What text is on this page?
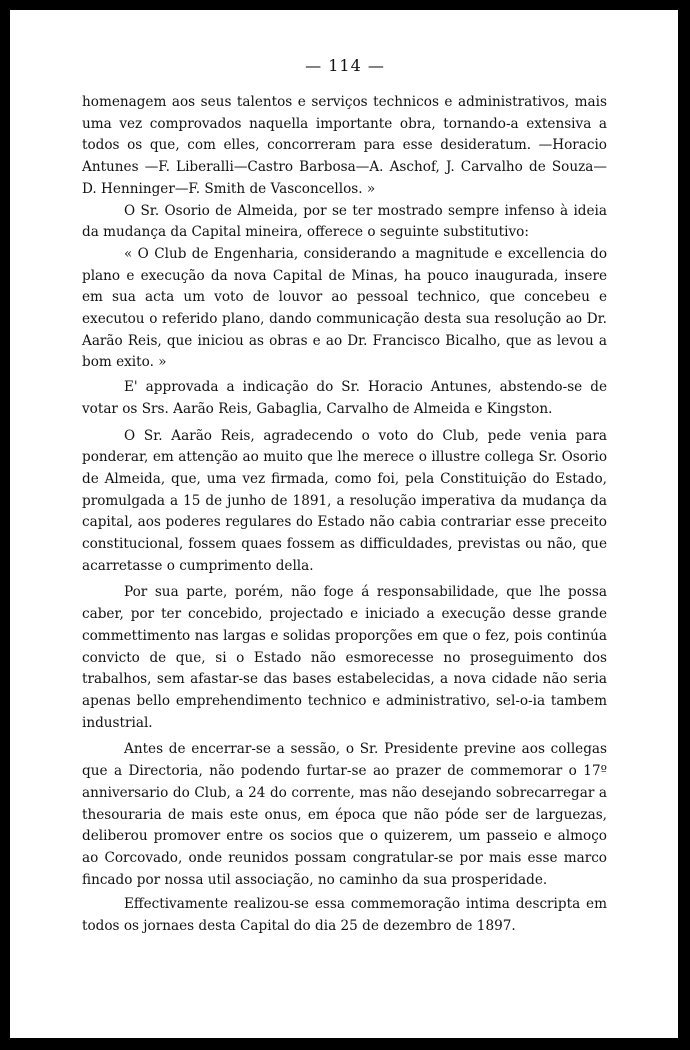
— 114 —

homenagem aos seus talentos e serviços technicos e administrativos, mais uma vez comprovados naquella importante obra, tornando-a extensiva a todos os que, com elles, concorreram para esse desideratum. —Horacio Antunes —F. Liberalli—Castro Barbosa—A. Aschof, J. Carvalho de Souza—D. Henninger—F. Smith de Vasconcellos. »

O Sr. Osorio de Almeida, por se ter mostrado sempre infenso à ideia da mudança da Capital mineira, offerece o seguinte substitutivo:

« O Club de Engenharia, considerando a magnitude e excellencia do plano e execução da nova Capital de Minas, ha pouco inaugurada, insere em sua acta um voto de louvor ao pessoal technico, que concebeu e executou o referido plano, dando communicação desta sua resolução ao Dr. Aarão Reis, que iniciou as obras e ao Dr. Francisco Bicalho, que as levou a bom exito. »

E' approvada a indicação do Sr. Horacio Antunes, abstendo-se de votar os Srs. Aarão Reis, Gabaglia, Carvalho de Almeida e Kingston.

O Sr. Aarão Reis, agradecendo o voto do Club, pede venia para ponderar, em attenção ao muito que lhe merece o illustre collega Sr. Osorio de Almeida, que, uma vez firmada, como foi, pela Constituição do Estado, promulgada a 15 de junho de 1891, a resolução imperativa da mudança da capital, aos poderes regulares do Estado não cabia contrariar esse preceito constitucional, fossem quaes fossem as difficuldades, previstas ou não, que acarretasse o cumprimento della.

Por sua parte, porém, não foge á responsabilidade, que lhe possa caber, por ter concebido, projectado e iniciado a execução desse grande commettimento nas largas e solidas proporções em que o fez, pois continúa convicto de que, si o Estado não esmorecesse no proseguimento dos trabalhos, sem afastar-se das bases estabelecidas, a nova cidade não seria apenas bello emprehendimento technico e administrativo, sel-o-ia tambem industrial.

Antes de encerrar-se a sessão, o Sr. Presidente previne aos collegas que a Directoria, não podendo furtar-se ao prazer de commemorar o 17º anniversario do Club, a 24 do corrente, mas não desejando sobrecarregar a thesouraria de mais este onus, em época que não póde ser de larguezas, deliberou promover entre os socios que o quizerem, um passeio e almoço ao Corcovado, onde reunidos possam congratular-se por mais esse marco fincado por nossa util associação, no caminho da sua prosperidade.

Effectivamente realizou-se essa commemoração intima descripta em todos os jornaes desta Capital do dia 25 de dezembro de 1897.
